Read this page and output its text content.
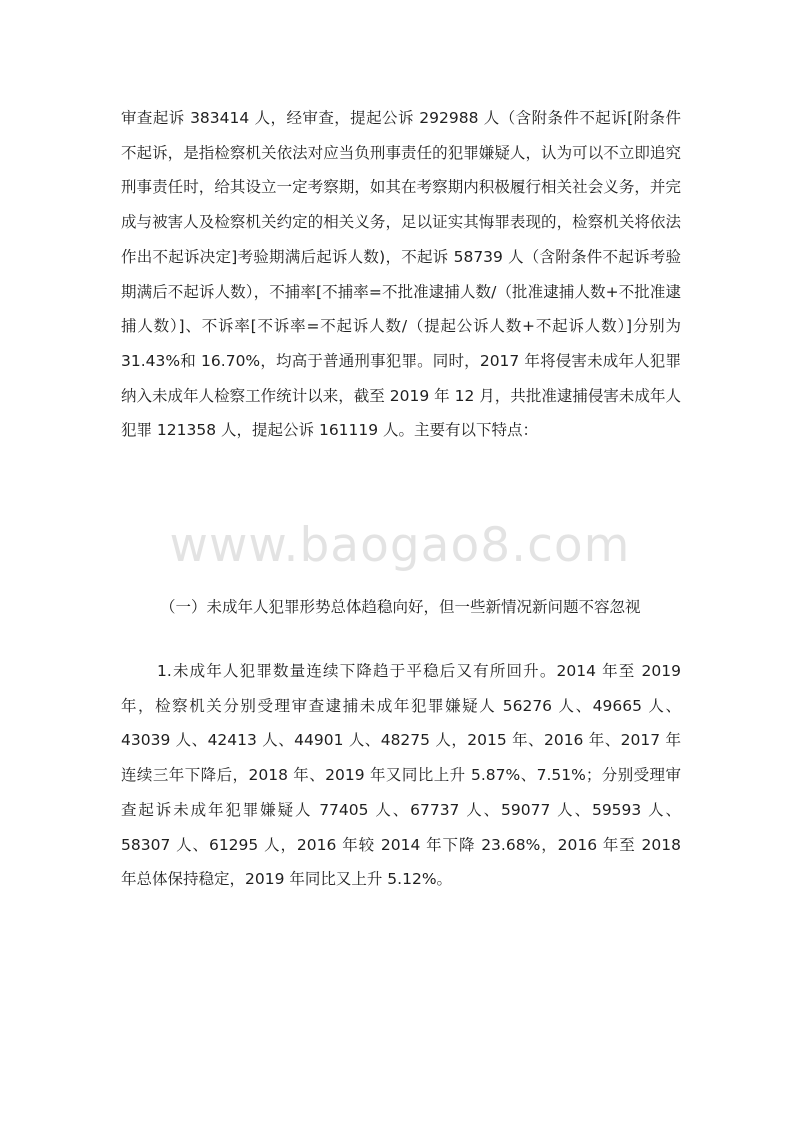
审查起诉 383414 人，经审查，提起公诉 292988 人（含附条件不起诉[附条件不起诉，是指检察机关依法对应当负刑事责任的犯罪嫌疑人，认为可以不立即追究刑事责任时，给其设立一定考察期，如其在考察期内积极履行相关社会义务，并完成与被害人及检察机关约定的相关义务，足以证实其悔罪表现的，检察机关将依法作出不起诉决定]考验期满后起诉人数)，不起诉 58739 人（含附条件不起诉考验期满后不起诉人数），不捕率[不捕率=不批准逮捕人数/（批准逮捕人数+不批准逮捕人数）]、不诉率[不诉率=不起诉人数/（提起公诉人数+不起诉人数）]分别为 31.43%和 16.70%，均高于普通刑事犯罪。同时，2017 年将侵害未成年人犯罪纳入未成年人检察工作统计以来，截至 2019 年 12 月，共批准逮捕侵害未成年人犯罪 121358 人，提起公诉 161119 人。主要有以下特点：

www.baogao8.com

（一）未成年人犯罪形势总体趋稳向好，但一些新情况新问题不容忽视

1.未成年人犯罪数量连续下降趋于平稳后又有所回升。2014 年至 2019 年，检察机关分别受理审查逮捕未成年犯罪嫌疑人 56276 人、49665 人、43039 人、42413 人、44901 人、48275 人，2015 年、2016 年、2017 年连续三年下降后，2018 年、2019 年又同比上升 5.87%、7.51%；分别受理审查起诉未成年犯罪嫌疑人 77405 人、67737 人、59077 人、59593 人、58307 人、61295 人，2016 年较 2014 年下降 23.68%，2016 年至 2018 年总体保持稳定，2019 年同比又上升 5.12%。
